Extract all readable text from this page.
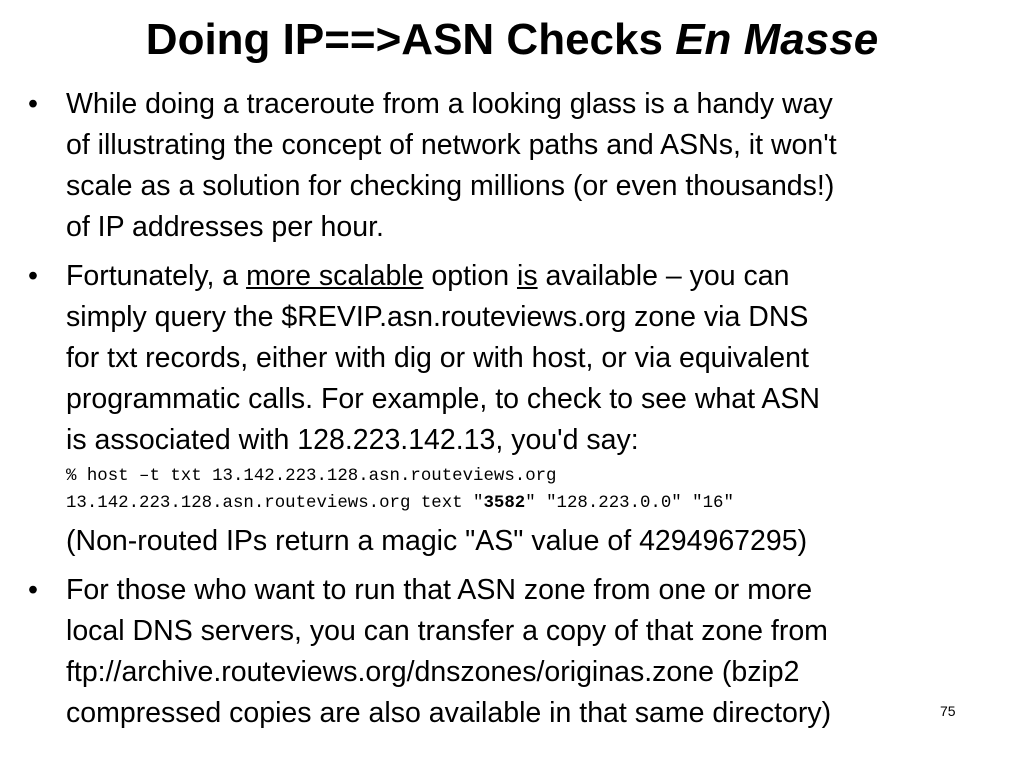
Doing IP==>ASN Checks En Masse
• While doing a traceroute from a looking glass is a handy way
of illustrating the concept of network paths and ASNs, it won't
scale as a solution for checking millions (or even thousands!)
of IP addresses per hour.
• Fortunately, a more scalable option is available – you can
simply query the $REVIP.asn.routeviews.org zone via DNS
for txt records, either with dig or with host, or via equivalent
programmatic calls. For example, to check to see what ASN
is associated with 128.223.142.13, you'd say:
% host –t txt 13.142.223.128.asn.routeviews.org
13.142.223.128.asn.routeviews.org text "3582" "128.223.0.0" "16"
(Non-routed IPs return a magic "AS" value of 4294967295)
• For those who want to run that ASN zone from one or more
local DNS servers, you can transfer a copy of that zone from
ftp://archive.routeviews.org/dnszones/originas.zone (bzip2
compressed copies are also available in that same directory)	75
